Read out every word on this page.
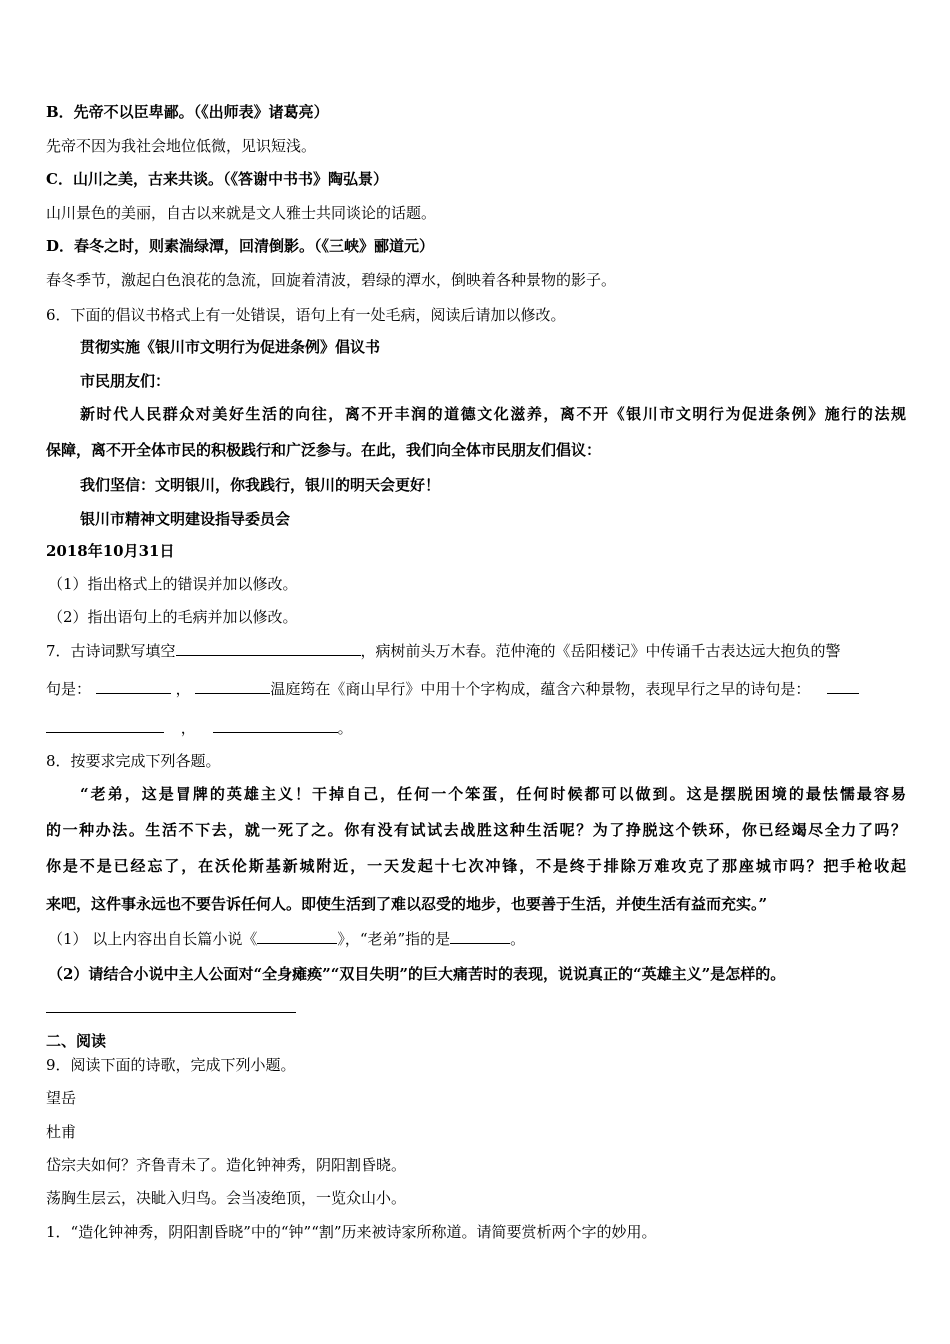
B．先帝不以臣卑鄙。（《出师表》诸葛亮）
先帝不因为我社会地位低微，见识短浅。
C．山川之美，古来共谈。（《答谢中书书》陶弘景）
山川景色的美丽，自古以来就是文人雅士共同谈论的话题。
D．春冬之时，则素湍绿潭，回清倒影。（《三峡》郦道元）
春冬季节，激起白色浪花的急流，回旋着清波，碧绿的潭水，倒映着各种景物的影子。
6．下面的倡议书格式上有一处错误，语句上有一处毛病，阅读后请加以修改。
贯彻实施《银川市文明行为促进条例》倡议书
市民朋友们：
新时代人民群众对美好生活的向往，离不开丰润的道德文化滋养，离不开《银川市文明行为促进条例》施行的法规
保障，离不开全体市民的积极践行和广泛参与。在此，我们向全体市民朋友们倡议：
我们坚信：文明银川，你我践行，银川的明天会更好！
银川市精神文明建设指导委员会
2018年10月31日
（1）指出格式上的错误并加以修改。
（2）指出语句上的毛病并加以修改。
7．古诗词默写填空	，病树前头万木春。范仲淹的《岳阳楼记》中传诵千古表达远大抱负的警
句是：	，	温庭筠在《商山早行》中用十个字构成，蕴含六种景物，表现早行之早的诗句是：
，	。
8．按要求完成下列各题。
“老弟，这是冒牌的英雄主义！干掉自己，任何一个笨蛋，任何时候都可以做到。这是摆脱困境的最怯懦最容易
的一种办法。生活不下去，就一死了之。你有没有试试去战胜这种生活呢？为了挣脱这个铁环，你已经竭尽全力了吗？
你是不是已经忘了，在沃伦斯基新城附近，一天发起十七次冲锋，不是终于排除万难攻克了那座城市吗？把手枪收起
来吧，这件事永远也不要告诉任何人。即使生活到了难以忍受的地步，也要善于生活，并使生活有益而充实。”
（1） 以上内容出自长篇小说《	》，“老弟”指的是	。
（2）请结合小说中主人公面对“全身瘫痪”“双目失明”的巨大痛苦时的表现，说说真正的“英雄主义”是怎样的。
二、阅读
9．阅读下面的诗歌，完成下列小题。
望岳
杜甫
岱宗夫如何？齐鲁青未了。造化钟神秀，阴阳割昏晓。
荡胸生层云，决眦入归鸟。会当凌绝顶，一览众山小。
1．“造化钟神秀，阴阳割昏晓”中的“钟”“割”历来被诗家所称道。请简要赏析两个字的妙用。
